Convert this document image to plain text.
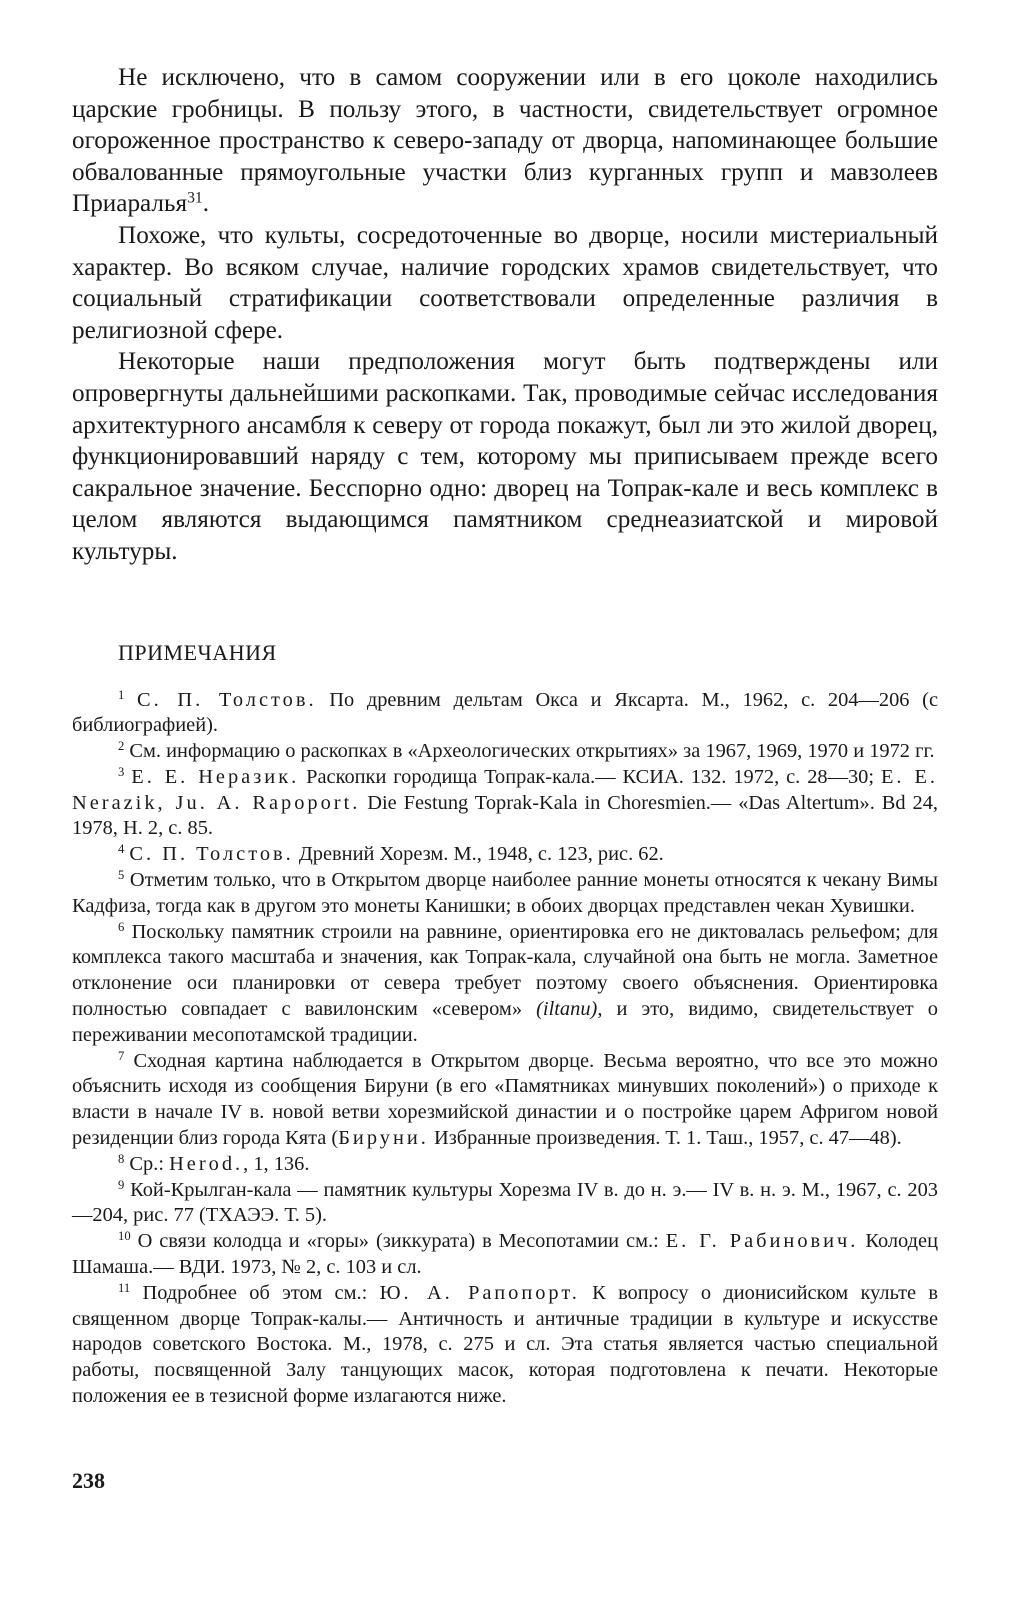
Не исключено, что в самом сооружении или в его цоколе находились царские гробницы. В пользу этого, в частности, свидетельствует огромное огороженное пространство к северо-западу от дворца, напоминающее большие обвалованные прямоугольные участки близ курганных групп и мавзолеев Приаралья$^{31}$.

Похоже, что культы, сосредоточенные во дворце, носили мистериальный характер. Во всяком случае, наличие городских храмов свидетельствует, что социальный стратификации соответствовали определенные различия в религиозной сфере.

Некоторые наши предположения могут быть подтверждены или опровергнуты дальнейшими раскопками. Так, проводимые сейчас исследования архитектурного ансамбля к северу от города покажут, был ли это жилой дворец, функционировавший наряду с тем, которому мы приписываем прежде всего сакральное значение. Бесспорно одно: дворец на Топрак-кале и весь комплекс в целом являются выдающимся памятником среднеазиатской и мировой культуры.

ПРИМЕЧАНИЯ

$^1$ С. П. Толстов. По древним дельтам Окса и Яксарта. М., 1962, с. 204—206 (с библиографией).

$^2$ См. информацию о раскопках в «Археологических открытиях» за 1967, 1969, 1970 и 1972 гг.

$^3$ Е. Е. Неразик. Раскопки городища Топрак-кала.— КСИА. 132. 1972, с. 28—30; E. E. Nerazik, Ju. A. Rapoport. Die Festung Toprak-Kala in Choresmien.— «Das Altertum». Bd 24, 1978, H. 2, c. 85.

$^4$ С. П. Толстов. Древний Хорезм. М., 1948, с. 123, рис. 62.

$^5$ Отметим только, что в Открытом дворце наиболее ранние монеты относятся к чекану Вимы Кадфиза, тогда как в другом это монеты Канишки; в обоих дворцах представлен чекан Хувишки.

$^6$ Поскольку памятник строили на равнине, ориентировка его не диктовалась рельефом; для комплекса такого масштаба и значения, как Топрак-кала, случайной она быть не могла. Заметное отклонение оси планировки от севера требует поэтому своего объяснения. Ориентировка полностью совпадает с вавилонским «севером» (iltanu), и это, видимо, свидетельствует о переживании месопотамской традиции.

$^7$ Сходная картина наблюдается в Открытом дворце. Весьма вероятно, что все это можно объяснить исходя из сообщения Бируни (в его «Памятниках минувших поколений») о приходе к власти в начале IV в. новой ветви хорезмийской династии и о постройке царем Афригом новой резиденции близ города Кята (Бируни. Избранные произведения. Т. 1. Таш., 1957, с. 47—48).

$^8$ Ср.: Herod., 1, 136.

$^9$ Кой-Крылган-кала — памятник культуры Хорезма IV в. до н. э.— IV в. н. э. М., 1967, с. 203—204, рис. 77 (ТХАЭЭ. Т. 5).

$^{10}$ О связи колодца и «горы» (зиккурата) в Месопотамии см.: Е. Г. Рабинович. Колодец Шамаша.— ВДИ. 1973, № 2, с. 103 и сл.

$^{11}$ Подробнее об этом см.: Ю. А. Рапопорт. К вопросу о дионисийском культе в священном дворце Топрак-калы.— Античность и античные традиции в культуре и искусстве народов советского Востока. М., 1978, с. 275 и сл. Эта статья является частью специальной работы, посвященной Залу танцующих масок, которая подготовлена к печати. Некоторые положения ее в тезисной форме излагаются ниже.

238
